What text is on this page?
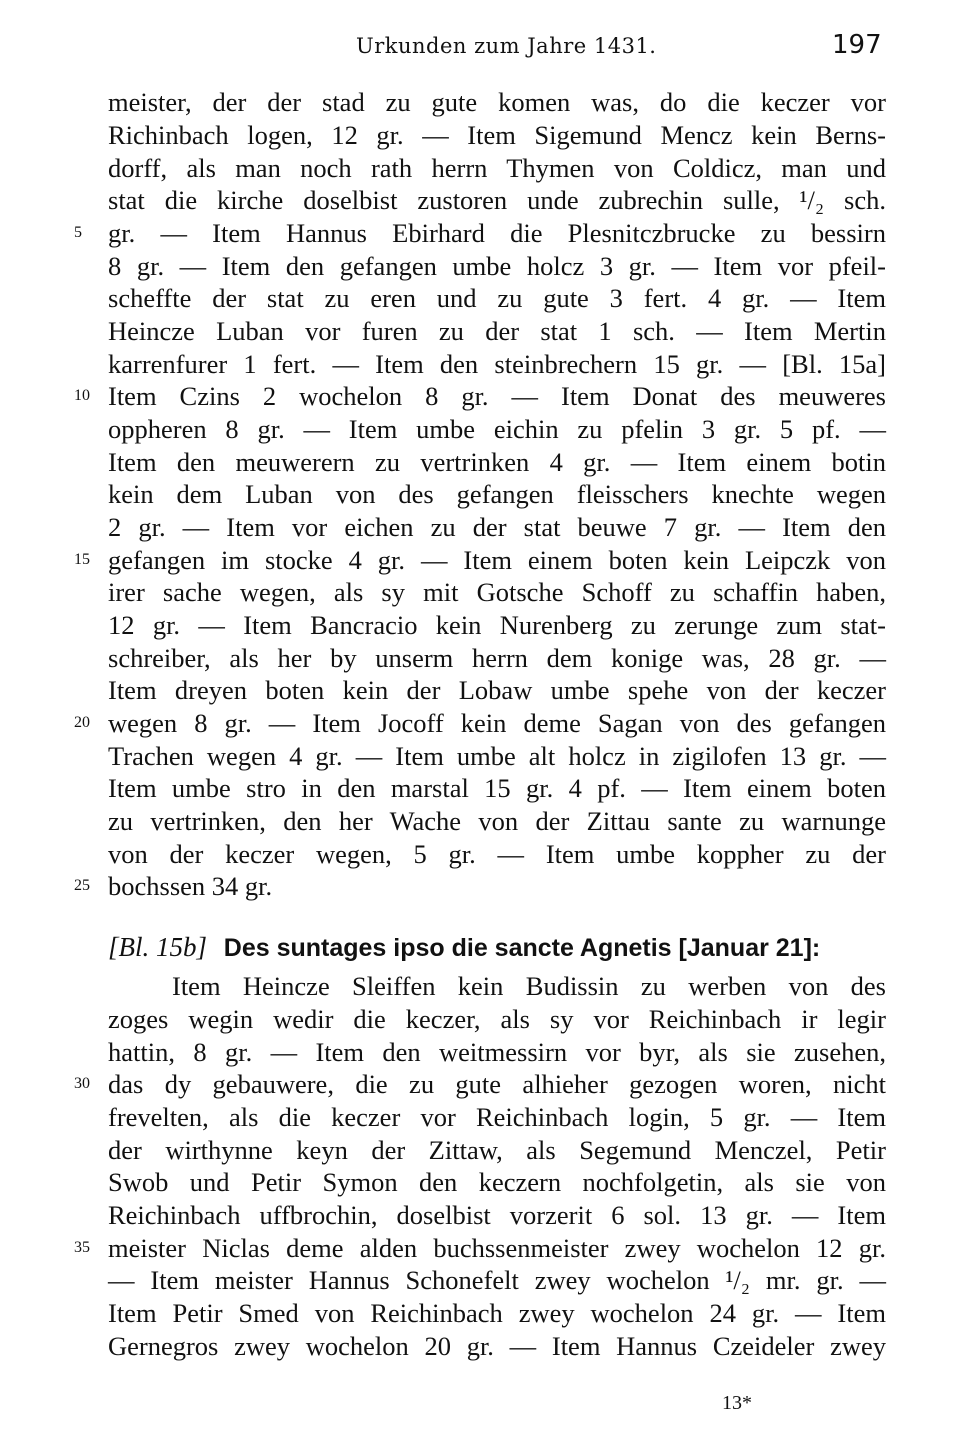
Urkunden zum Jahre 1431.	197
meister, der der stad zu gute komen was, do die keczer vor
Richinbach logen, 12 gr. — Item Sigemund Mencz kein Berns-
dorff, als man noch rath herrn Thymen von Coldicz, man und
stat die kirche doselbist zustoren unde zubrechin sulle, ¹/₂ sch.
gr. — Item Hannus Ebirhard die Plesnitczbrucke zu bessirn
8 gr. — Item den gefangen umbe holcz 3 gr. — Item vor pfeil-
scheffte der stat zu eren und zu gute 3 fert. 4 gr. — Item
Heincze Luban vor furen zu der stat 1 sch. — Item Mertin
karrenfurer 1 fert. — Item den steinbrechern 15 gr. — [Bl. 15a]
Item Czins 2 wochelon 8 gr. — Item Donat des meuweres
oppheren 8 gr. — Item umbe eichin zu pfelin 3 gr. 5 pf. —
Item den meuwerern zu vertrinken 4 gr. — Item einem botin
kein dem Luban von des gefangen fleisschers knechte wegen
2 gr. — Item vor eichen zu der stat beuwe 7 gr. — Item den
gefangen im stocke 4 gr. — Item einem boten kein Leipczk von
irer sache wegen, als sy mit Gotsche Schoff zu schaffin haben,
12 gr. — Item Bancracio kein Nurenberg zu zerunge zum stat-
schreiber, als her by unserm herrn dem konige was, 28 gr. —
Item dreyen boten kein der Lobaw umbe spehe von der keczer
wegen 8 gr. — Item Jocoff kein deme Sagan von des gefangen
Trachen wegen 4 gr. — Item umbe alt holcz in zigilofen 13 gr. —
Item umbe stro in den marstal 15 gr. 4 pf. — Item einem boten
zu vertrinken, den her Wache von der Zittau sante zu warnunge
von der keczer wegen, 5 gr. — Item umbe koppher zu der
bochssen 34 gr.
5
10
15
20
25
30
35
[Bl. 15b] Des suntages ipso die sancte Agnetis [Januar 21]:
Item Heincze Sleiffen kein Budissin zu werben von des
zoges wegin wedir die keczer, als sy vor Reichinbach ir legir
hattin, 8 gr. — Item den weitmessirn vor byr, als sie zusehen,
das dy gebauwere, die zu gute alhieher gezogen woren, nicht
frevelten, als die keczer vor Reichinbach login, 5 gr. — Item
der wirthynne keyn der Zittaw, als Segemund Menczel, Petir
Swob und Petir Symon den keczern nochfolgetin, als sie von
Reichinbach uffbrochin, doselbist vorzerit 6 sol. 13 gr. — Item
meister Niclas deme alden buchssenmeister zwey wochelon 12 gr.
— Item meister Hannus Schonefelt zwey wochelon ¹/₂ mr. gr. —
Item Petir Smed von Reichinbach zwey wochelon 24 gr. — Item
Gernegros zwey wochelon 20 gr. — Item Hannus Czeideler zwey
13*
